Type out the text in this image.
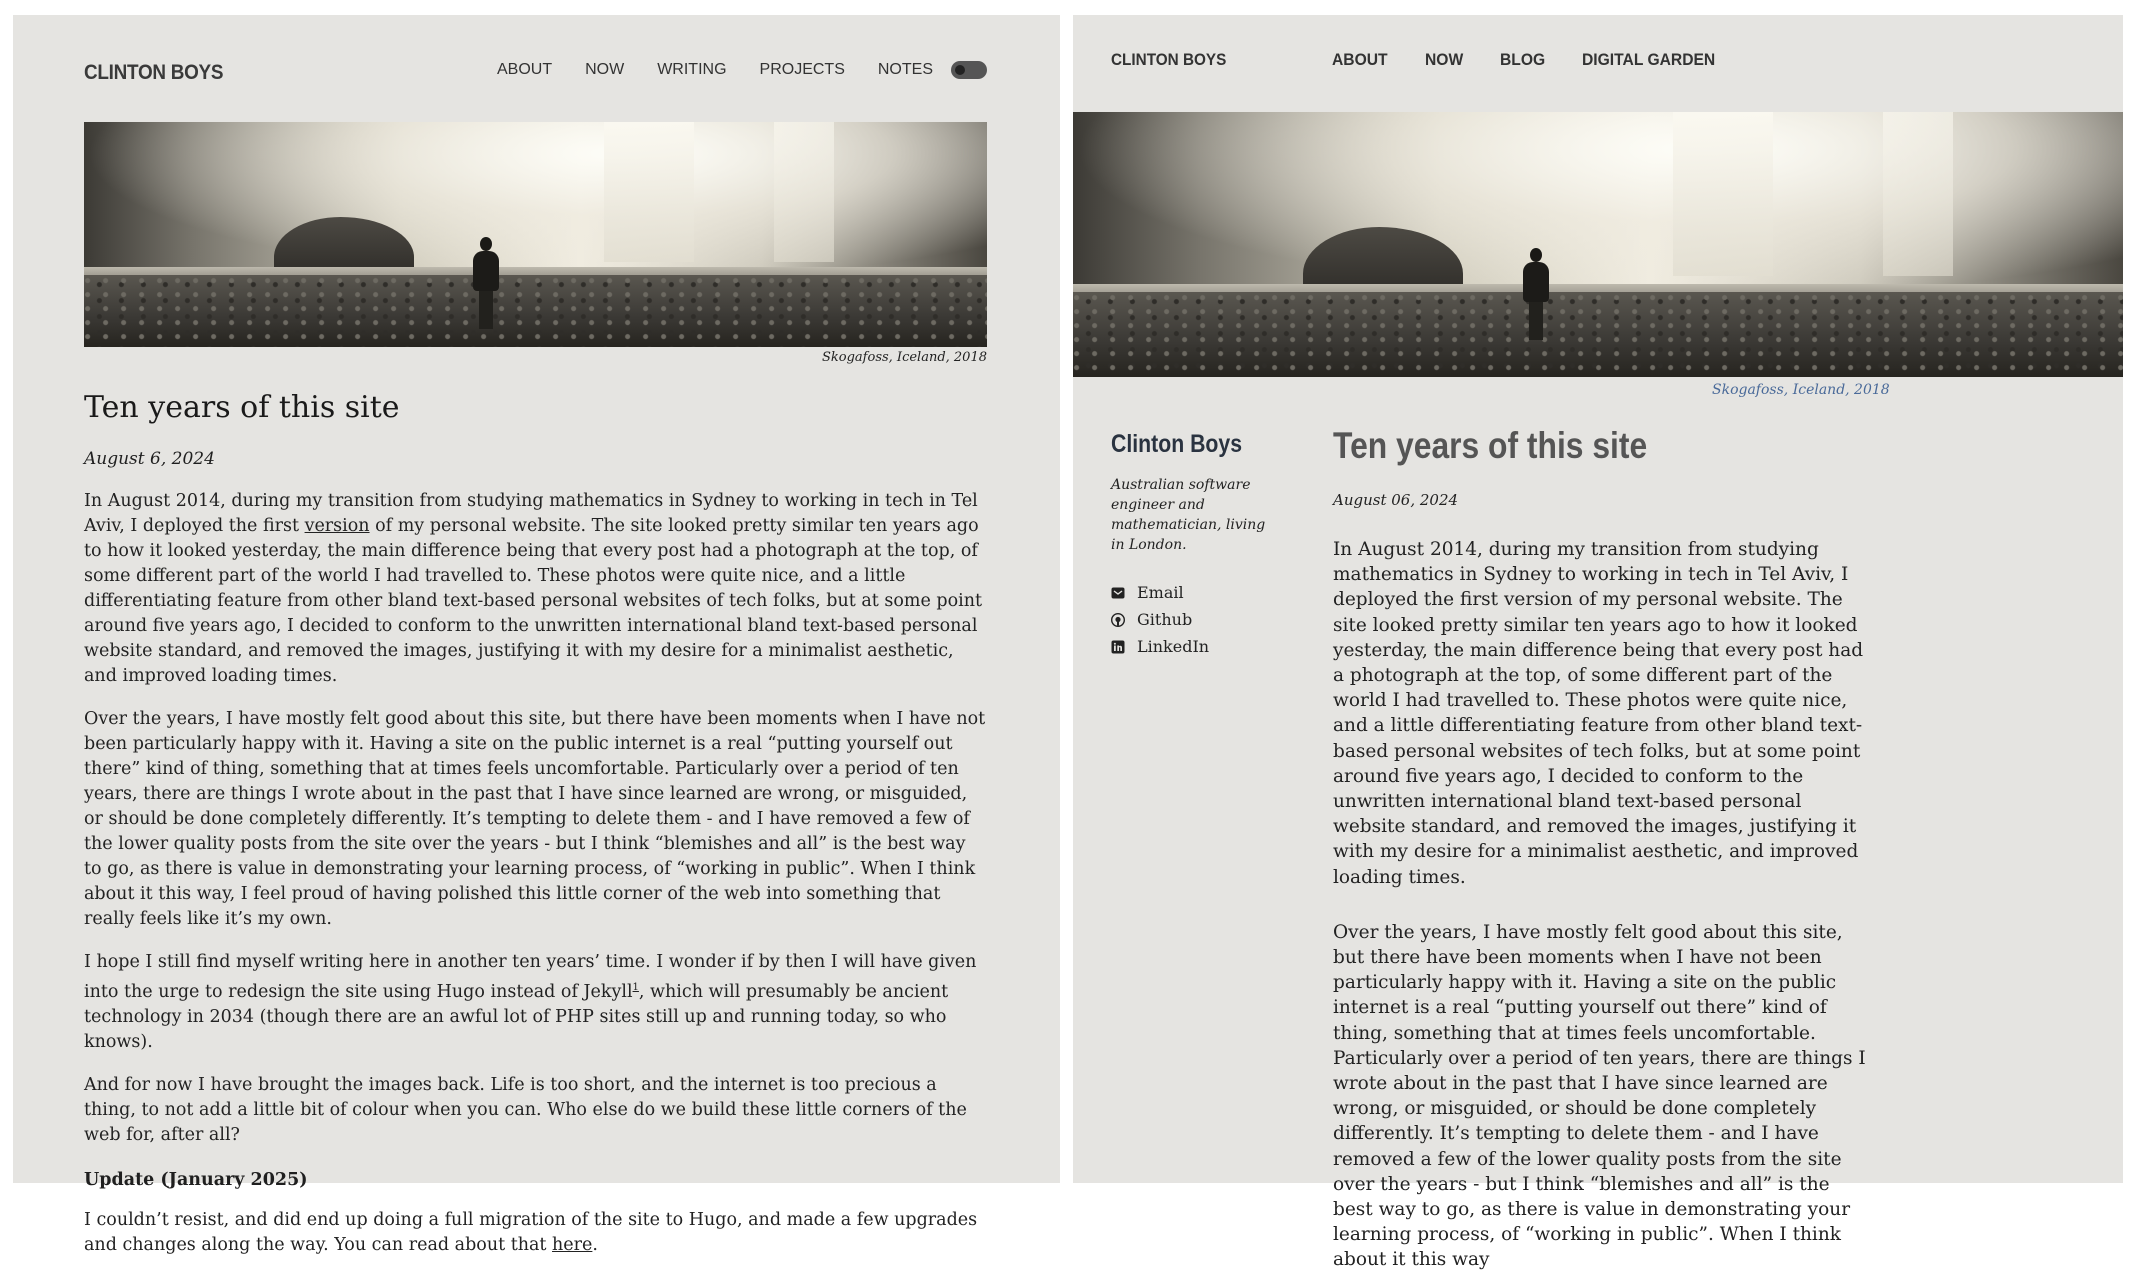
CLINTON BOYS	ABOUT NOW WRITING PROJECTS NOTES
Skogafoss, Iceland, 2018
Ten years of this site
August 6, 2024

In August 2014, during my transition from studying mathematics in Sydney to working in tech in Tel Aviv, I deployed the first version of my personal website. The site looked pretty similar ten years ago to how it looked yesterday, the main difference being that every post had a photograph at the top, of some different part of the world I had travelled to. These photos were quite nice, and a little differentiating feature from other bland text-based personal websites of tech folks, but at some point around five years ago, I decided to conform to the unwritten international bland text-based personal website standard, and removed the images, justifying it with my desire for a minimalist aesthetic, and improved loading times.

Over the years, I have mostly felt good about this site, but there have been moments when I have not been particularly happy with it. Having a site on the public internet is a real “putting yourself out there” kind of thing, something that at times feels uncomfortable. Particularly over a period of ten years, there are things I wrote about in the past that I have since learned are wrong, or misguided, or should be done completely differently. It’s tempting to delete them - and I have removed a few of the lower quality posts from the site over the years - but I think “blemishes and all” is the best way to go, as there is value in demonstrating your learning process, of “working in public”. When I think about it this way, I feel proud of having polished this little corner of the web into something that really feels like it’s my own.

I hope I still find myself writing here in another ten years’ time. I wonder if by then I will have given into the urge to redesign the site using Hugo instead of Jekyll$^1$, which will presumably be ancient technology in 2034 (though there are an awful lot of PHP sites still up and running today, so who knows).

And for now I have brought the images back. Life is too short, and the internet is too precious a thing, to not add a little bit of colour when you can. Who else do we build these little corners of the web for, after all?

Update (January 2025)

I couldn’t resist, and did end up doing a full migration of the site to Hugo, and made a few upgrades and changes along the way. You can read about that here.

CLINTON BOYS	ABOUT NOW BLOG DIGITAL GARDEN
Skogafoss, Iceland, 2018
Clinton Boys
Australian software engineer and mathematician, living in London.
Email
Github
LinkedIn
Ten years of this site
August 06, 2024

In August 2014, during my transition from studying mathematics in Sydney to working in tech in Tel Aviv, I deployed the first version of my personal website. The site looked pretty similar ten years ago to how it looked yesterday, the main difference being that every post had a photograph at the top, of some different part of the world I had travelled to. These photos were quite nice, and a little differentiating feature from other bland text-based personal websites of tech folks, but at some point around five years ago, I decided to conform to the unwritten international bland text-based personal website standard, and removed the images, justifying it with my desire for a minimalist aesthetic, and improved loading times.

Over the years, I have mostly felt good about this site, but there have been moments when I have not been particularly happy with it. Having a site on the public internet is a real “putting yourself out there” kind of thing, something that at times feels uncomfortable. Particularly over a period of ten years, there are things I wrote about in the past that I have since learned are wrong, or misguided, or should be done completely differently. It’s tempting to delete them - and I have removed a few of the lower quality posts from the site over the years - but I think “blemishes and all” is the best way to go, as there is value in demonstrating your learning process, of “working in public”. When I think about it this way
